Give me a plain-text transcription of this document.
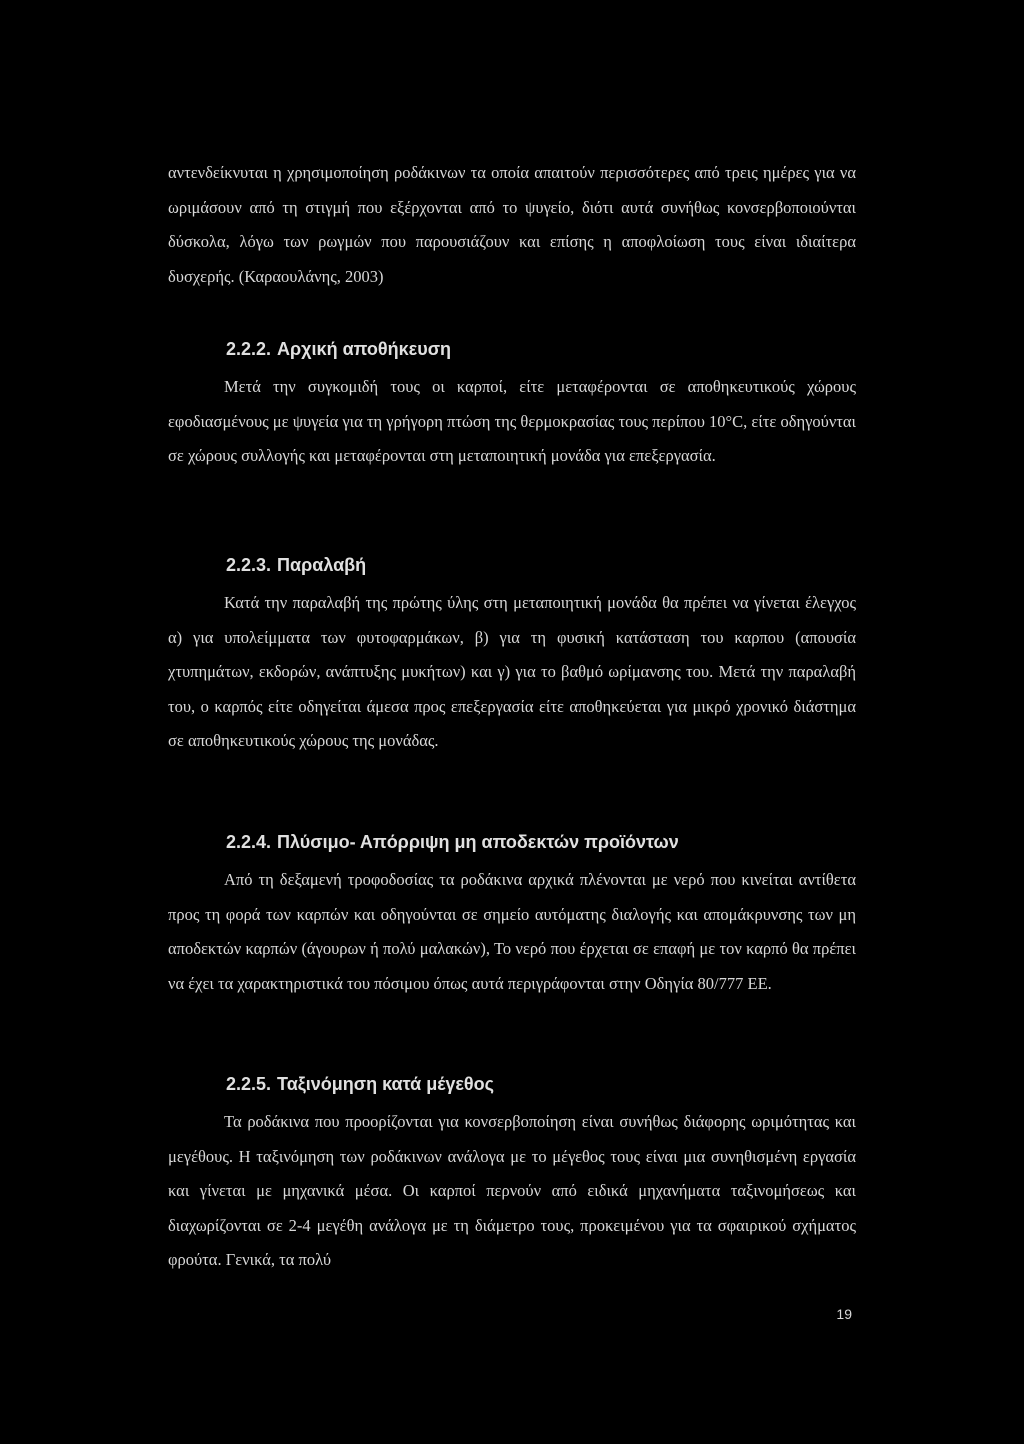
αντενδείκνυται η χρησιμοποίηση ροδάκινων τα οποία απαιτούν περισσότερες από τρεις ημέρες για να ωριμάσουν από τη στιγμή που εξέρχονται από το ψυγείο, διότι αυτά συνήθως κονσερβοποιούνται δύσκολα, λόγω των ρωγμών που παρουσιάζουν και επίσης η αποφλοίωση τους είναι ιδιαίτερα δυσχερής. (Καραουλάνης, 2003)

2.2.2. Αρχική αποθήκευση

Μετά την συγκομιδή τους οι καρποί, είτε μεταφέρονται σε αποθηκευτικούς χώρους εφοδιασμένους με ψυγεία για τη γρήγορη πτώση της θερμοκρασίας τους περίπου 10°C, είτε οδηγούνται σε χώρους συλλογής και μεταφέρονται στη μεταποιητική μονάδα για επεξεργασία.

2.2.3. Παραλαβή

Κατά την παραλαβή της πρώτης ύλης στη μεταποιητική μονάδα θα πρέπει να γίνεται έλεγχος α) για υπολείμματα των φυτοφαρμάκων, β) για τη φυσική κατάσταση του καρπου (απουσία χτυπημάτων, εκδορών, ανάπτυξης μυκήτων) και γ) για το βαθμό ωρίμανσης του. Μετά την παραλαβή του, ο καρπός είτε οδηγείται άμεσα προς επεξεργασία είτε αποθηκεύεται για μικρό χρονικό διάστημα σε αποθηκευτικούς χώρους της μονάδας.

2.2.4. Πλύσιμο- Απόρριψη μη αποδεκτών προϊόντων

Από τη δεξαμενή τροφοδοσίας τα ροδάκινα αρχικά πλένονται με νερό που κινείται αντίθετα προς τη φορά των καρπών και οδηγούνται σε σημείο αυτόματης διαλογής και απομάκρυνσης των μη αποδεκτών καρπών (άγουρων ή πολύ μαλακών), Το νερό που έρχεται σε επαφή με τον καρπό θα πρέπει να έχει τα χαρακτηριστικά του πόσιμου όπως αυτά περιγράφονται στην Οδηγία 80/777 ΕΕ.

2.2.5. Ταξινόμηση κατά μέγεθος

Τα ροδάκινα που προορίζονται για κονσερβοποίηση είναι συνήθως διάφορης ωριμότητας και μεγέθους. Η ταξινόμηση των ροδάκινων ανάλογα με το μέγεθος τους είναι μια συνηθισμένη εργασία και γίνεται με μηχανικά μέσα. Οι καρποί περνούν από ειδικά μηχανήματα ταξινομήσεως και διαχωρίζονται σε 2-4 μεγέθη ανάλογα με τη διάμετρο τους, προκειμένου για τα σφαιρικού σχήματος φρούτα. Γενικά, τα πολύ

19
